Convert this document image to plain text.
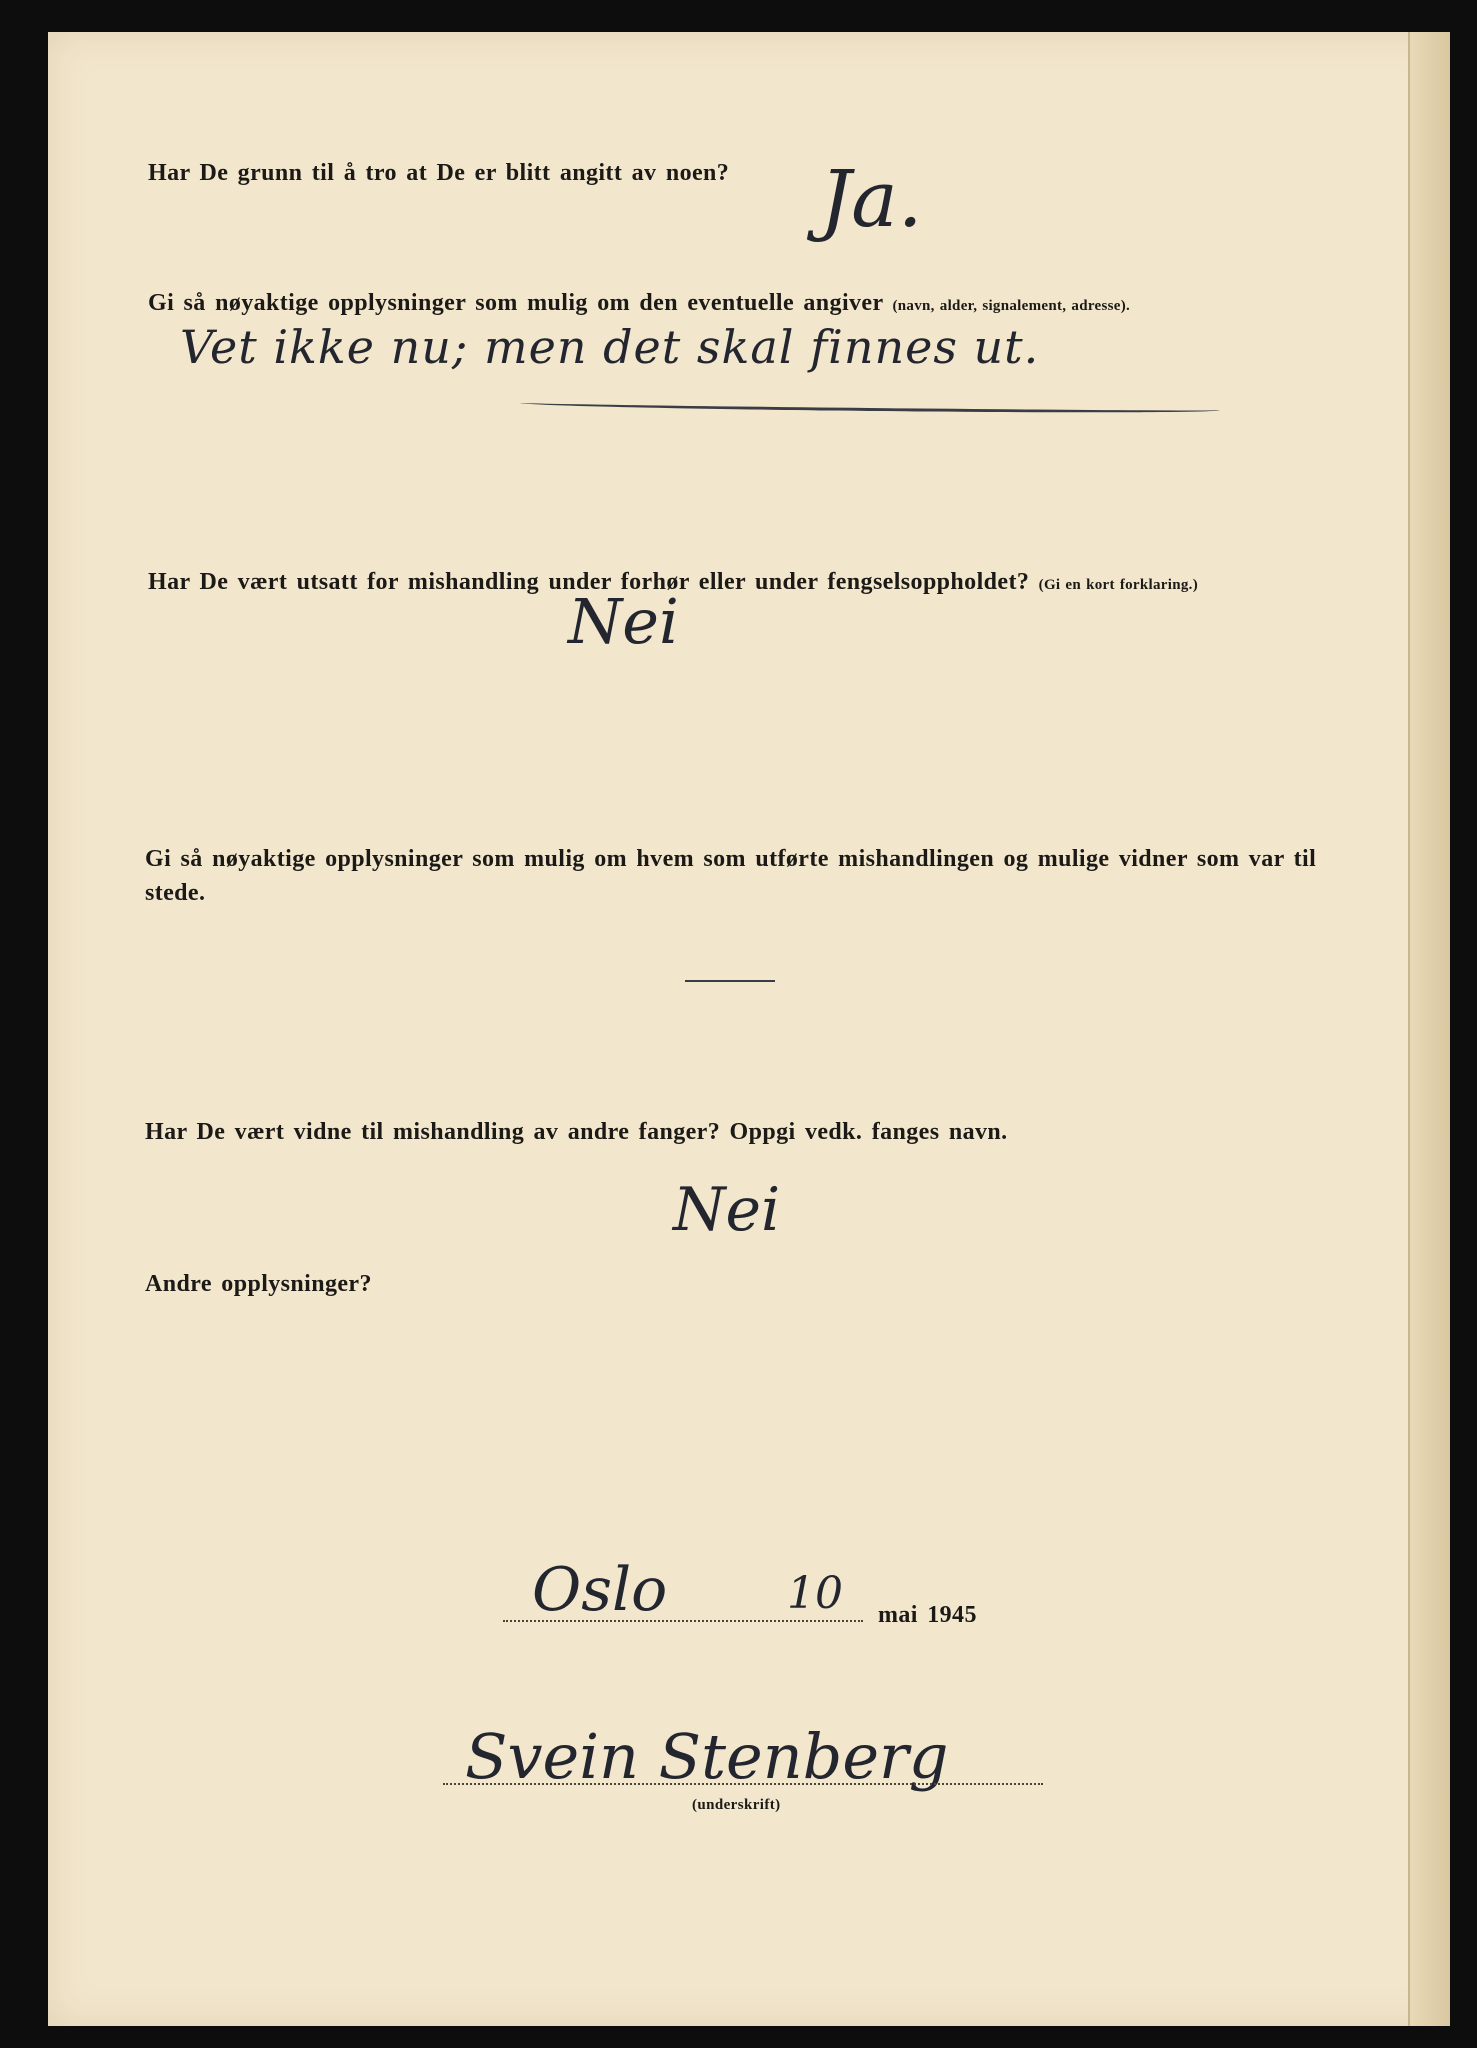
Har De grunn til å tro at De er blitt angitt av noen? Ja.

Gi så nøyaktige opplysninger som mulig om den eventuelle angiver (navn, alder, signalement, adresse).

Vet ikke nu; men det skal finnes ut.

Har De vært utsatt for mishandling under forhør eller under fengselsoppholdet? (Gi en kort forklaring.)

Nei

Gi så nøyaktige opplysninger som mulig om hvem som utførte mishandlingen og mulige vidner som var til stede.

Har De vært vidne til mishandling av andre fanger? Oppgi vedk. fanges navn.

Nei

Andre opplysninger?

Oslo	10 mai 1945

Svein Stenberg

(underskrift)
